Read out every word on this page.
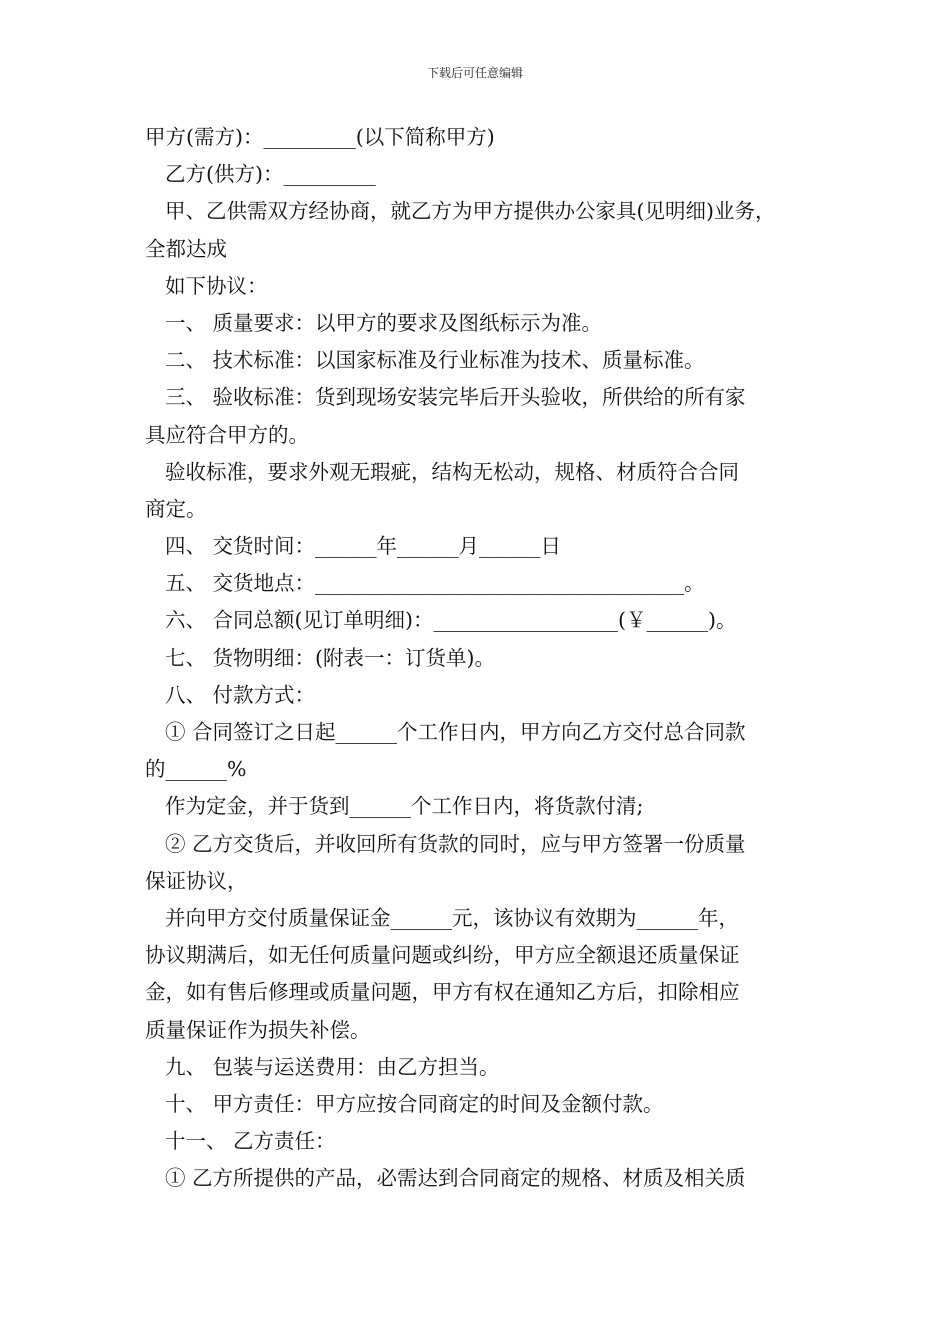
下载后可任意编辑
甲方(需方)：_________(以下简称甲方)
乙方(供方)：_________
甲、乙供需双方经协商，就乙方为甲方提供办公家具(见明细)业务，
全都达成
如下协议：
一、 质量要求：以甲方的要求及图纸标示为准。
二、 技术标准：以国家标准及行业标准为技术、质量标准。
三、 验收标准：货到现场安装完毕后开头验收，所供给的所有家
具应符合甲方的。
验收标准，要求外观无瑕疵，结构无松动，规格、材质符合合同
商定。
四、 交货时间：______年______月______日
五、 交货地点：____________________________________。
六、 合同总额(见订单明细)：__________________(￥______)。
七、 货物明细：(附表一：订货单)。
八、 付款方式：
① 合同签订之日起______个工作日内，甲方向乙方交付总合同款
的______%
作为定金，并于货到______个工作日内，将货款付清;
② 乙方交货后，并收回所有货款的同时，应与甲方签署一份质量
保证协议，
并向甲方交付质量保证金______元，该协议有效期为______年，
协议期满后，如无任何质量问题或纠纷，甲方应全额退还质量保证
金，如有售后修理或质量问题，甲方有权在通知乙方后，扣除相应
质量保证作为损失补偿。
九、 包装与运送费用：由乙方担当。
十、 甲方责任：甲方应按合同商定的时间及金额付款。
十一、 乙方责任：
① 乙方所提供的产品，必需达到合同商定的规格、材质及相关质
